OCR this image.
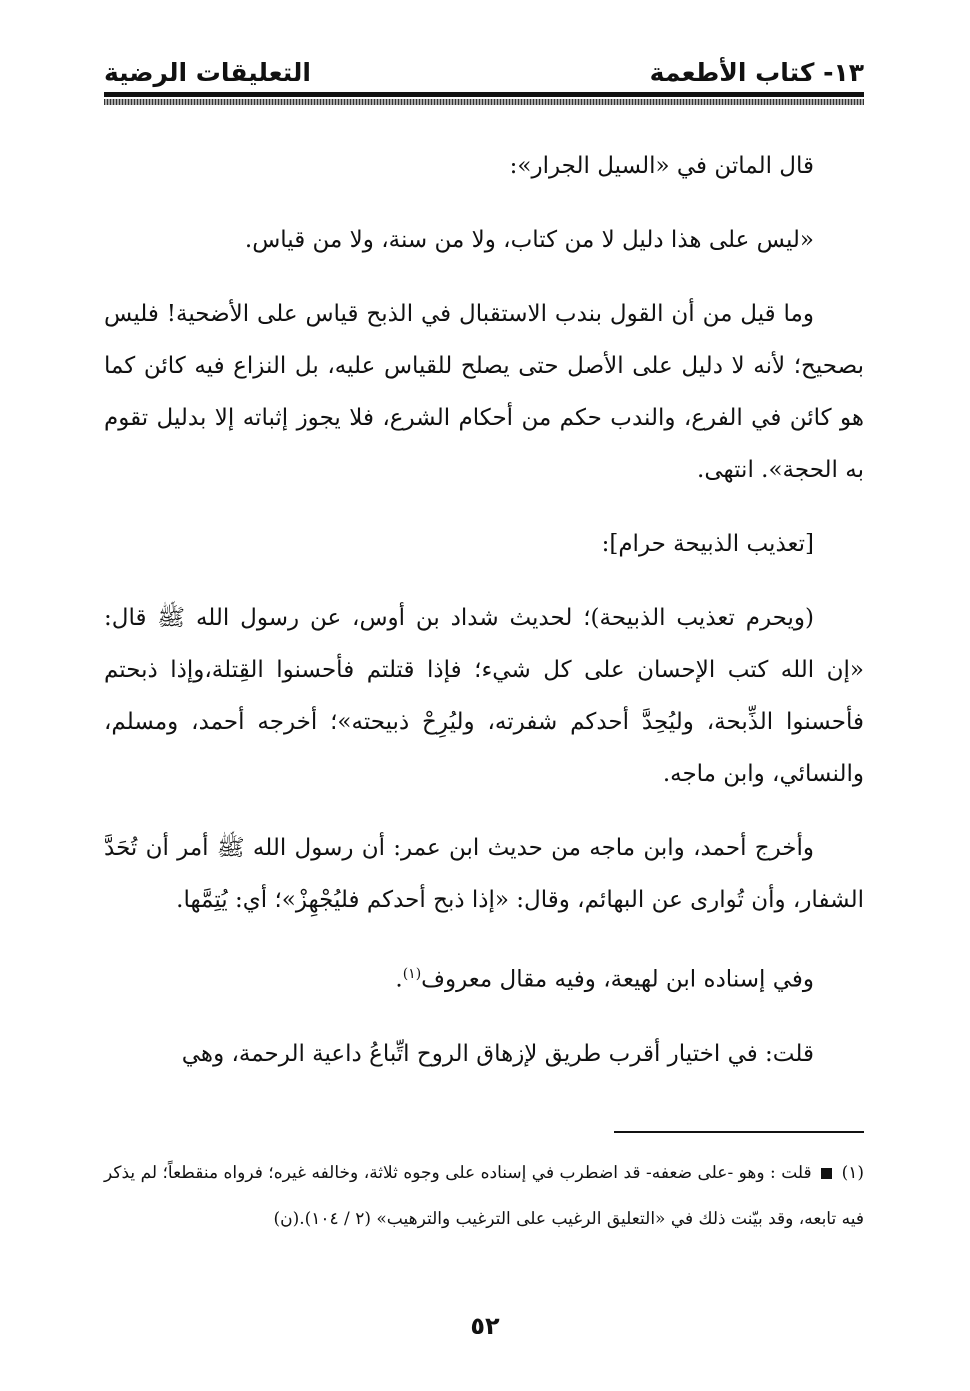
١٣- كتاب الأطعمة
التعليقات الرضية

قال الماتن في «السيل الجرار»:

«ليس على هذا دليل لا من كتاب، ولا من سنة، ولا من قياس.

وما قيل من أن القول بندب الاستقبال في الذبح قياس على الأضحية! فليس بصحيح؛ لأنه لا دليل على الأصل حتى يصلح للقياس عليه، بل النزاع فيه كائن كما هو كائن في الفرع، والندب حكم من أحكام الشرع، فلا يجوز إثباته إلا بدليل تقوم به الحجة». انتهى.

[تعذيب الذبيحة حرام]:

(ويحرم تعذيب الذبيحة)؛ لحديث شداد بن أوس، عن رسول الله ﷺ قال: «إن الله كتب الإحسان على كل شيء؛ فإذا قتلتم فأحسنوا القِتلة،وإذا ذبحتم فأحسنوا الذِّبحة، وليُحِدَّ أحدكم شفرته، وليُرِحْ ذبيحته»؛ أخرجه أحمد، ومسلم، والنسائي، وابن ماجه.

وأخرج أحمد، وابن ماجه من حديث ابن عمر: أن رسول الله ﷺ أمر أن تُحَدَّ الشفار، وأن تُوارى عن البهائم، وقال: «إذا ذبح أحدكم فليُجْهِزْ»؛ أي: يُتِمَّها.

وفي إسناده ابن لهيعة، وفيه مقال معروف$^{(١)}$.

قلت: في اختيار أقرب طريق لإزهاق الروح اتِّباعُ داعية الرحمة، وهي

(١)  قلت : وهو -على ضعفه- قد اضطرب في إسناده على وجوه ثلاثة، وخالفه غيره؛ فرواه منقطعاً؛ لم يذكر فيه تابعه، وقد بيّنت ذلك في «التعليق الرغيب على الترغيب والترهيب» (٢ / ١٠٤).(ن)
٥٢
